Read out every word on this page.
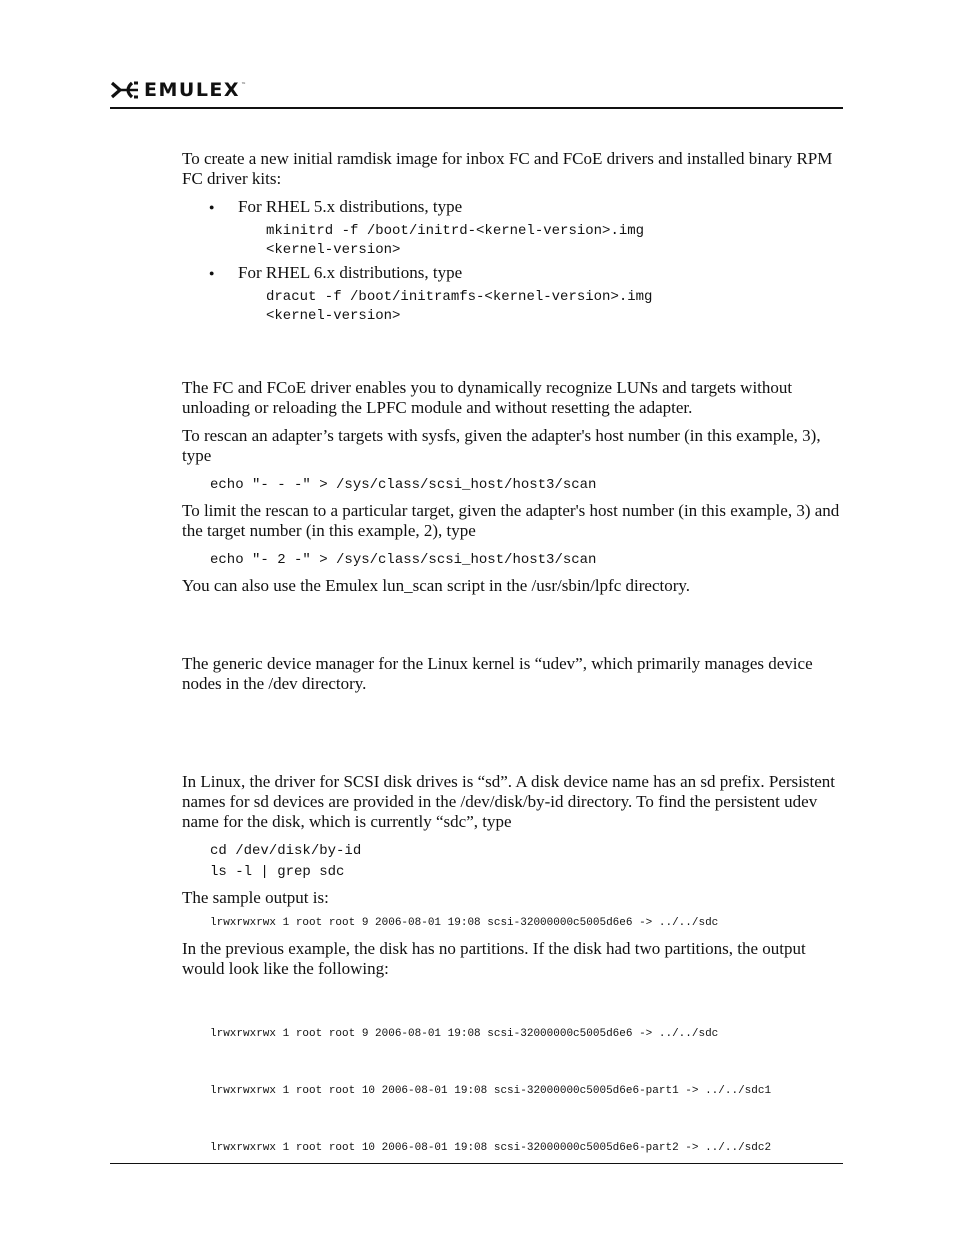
EMULEX ™

To create a new initial ramdisk image for inbox FC and FCoE drivers and installed binary RPM FC driver kits:

● For RHEL 5.x distributions, type

mkinitrd -f /boot/initrd-<kernel-version>.img
<kernel-version>

● For RHEL 6.x distributions, type

dracut -f /boot/initramfs-<kernel-version>.img
<kernel-version>

The FC and FCoE driver enables you to dynamically recognize LUNs and targets without unloading or reloading the LPFC module and without resetting the adapter.

To rescan an adapter’s targets with sysfs, given the adapter's host number (in this example, 3), type

echo "- - -" > /sys/class/scsi_host/host3/scan

To limit the rescan to a particular target, given the adapter's host number (in this example, 3) and the target number (in this example, 2), type

echo "- 2 -" > /sys/class/scsi_host/host3/scan

You can also use the Emulex lun_scan script in the /usr/sbin/lpfc directory.

The generic device manager for the Linux kernel is “udev”, which primarily manages device nodes in the /dev directory.

In Linux, the driver for SCSI disk drives is “sd”. A disk device name has an sd prefix. Persistent names for sd devices are provided in the /dev/disk/by-id directory. To find the persistent udev name for the disk, which is currently “sdc”, type

cd /dev/disk/by-id
ls -l | grep sdc

The sample output is:

lrwxrwxrwx 1 root root 9 2006-08-01 19:08 scsi-32000000c5005d6e6 -> ../../sdc

In the previous example, the disk has no partitions. If the disk had two partitions, the output would look like the following:

lrwxrwxrwx 1 root root 9 2006-08-01 19:08 scsi-32000000c5005d6e6 -> ../../sdc

lrwxrwxrwx 1 root root 10 2006-08-01 19:08 scsi-32000000c5005d6e6-part1 -> ../../sdc1

lrwxrwxrwx 1 root root 10 2006-08-01 19:08 scsi-32000000c5005d6e6-part2 -> ../../sdc2
